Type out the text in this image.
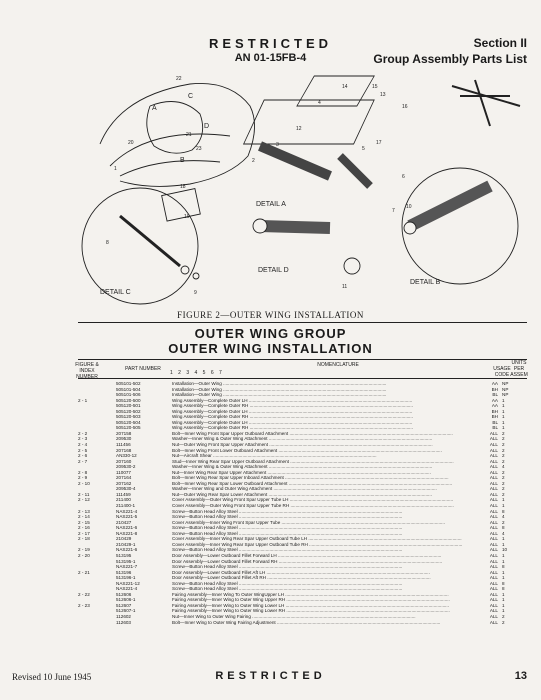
RESTRICTED
AN 01-15FB-4
Section II
Group Assembly Parts List
A
B
C
D
DETAIL A
DETAIL B
DETAIL C
DETAIL D
1
2
3
4
5
6
7
8
9
10
11
12
13
14	15
16
17
18
19
20
21
22
23
FIGURE 2—OUTER WING INSTALLATION
OUTER WING GROUP
OUTER WING INSTALLATION
FIGURE & INDEX NUMBER
PART NUMBER
NOMENCLATURE
1 2 3 4 5 6 7
USAGE CODE
UNITS PER ASSEM
505101-502	Installation—Outer Wing .....	AA NP
505101-504	Installation—Outer Wing .....	BH NP
505101-506	Installation—Outer Wing .....	BL NP
2 - 1	505120-500	Wing Assembly—Complete Outer LH .....	AA 1
505120-501	Wing Assembly—Complete Outer RH .....	AA 1
505120-502	Wing Assembly—Complete Outer LH .....	BH 1
505120-503	Wing Assembly—Complete Outer RH .....	BH 1
505120-504	Wing Assembly—Complete Outer LH .....	BL 1
505120-505	Wing Assembly—Complete Outer RH .....	BL 1
2 - 2	207158	Bolt—Inner Wing Front Spar Upper Outboard Attachment .....	ALL 2
2 - 3	209530	Washer—Inner Wing & Outer Wing Attachment .....	ALL 2
2 - 4	111456	Nut—Outer Wing Front Spar Upper Attachment .....	ALL 2
2 - 5	207168	Bolt—Inner Wing Front Lower Outboard Attachment .....	ALL 2
2 - 6	AN330-12	Nut—Aircraft Shear .....	ALL 2
2 - 7	207160	Stud—Inner Wing Rear Spar Upper Outboard Attachment .....	ALL 2
209530-2	Washer—Inner Wing & Outer Wing Attachment .....	ALL 4
2 - 8	110077	Nut—Inner Wing Rear Spar Upper Attachment .....	ALL 2
2 - 9	207164	Bolt—Inner Wing Rear Spar Upper Inboard Attachment .....	ALL 2
2 - 10	207162	Bolt—Inner Wing Rear Spar Lower Outboard Attachment .....	ALL 2
209530-4	Washer—Inner Wing and Outer Wing Attachment .....	ALL 2
2 - 11	111459	Nut—Outer Wing Rear Spar Lower Attachment .....	ALL 2
2 - 12	211400	Cover Assembly—Outer Wing Front Spar Upper Tube LH .....	ALL 1
211400-1	Cover Assembly—Outer Wing Front Spar Upper Tube RH .....	ALL 1
2 - 13	NAS221-4	Screw—Button Head Alloy Steel .....	ALL 8
2 - 14	NAS221-5	Screw—Button Head Alloy Steel .....	ALL 4
2 - 15	210427	Cover Assembly—Inner Wing Front Spar Upper Tube .....	ALL 2
2 - 16	NAS221-6	Screw—Button Head Alloy Steel .....	ALL 8
2 - 17	NAS221-8	Screw—Button Head Alloy Steel .....	ALL 4
2 - 18	210429	Cover Assembly—Inner Wing Rear Spar Upper Outboard Tube LH .....	ALL 1
210429-1	Cover Assembly—Inner Wing Rear Spar Upper Outboard Tube RH .....	ALL 1
2 - 19	NAS221-6	Screw—Button Head Alloy Steel .....	ALL 10
2 - 20	513195	Door Assembly—Lower Outboard Fillet Forward LH .....	ALL 1
513195-1	Door Assembly—Lower Outboard Fillet Forward RH .....	ALL 1
NAS221-7	Screw—Button Head Alloy Steel .....	ALL 8
2 - 21	513196	Door Assembly—Lower Outboard Fillet Aft LH .....	ALL 1
513196-1	Door Assembly—Lower Outboard Fillet Aft RH .....	ALL 1
NAS221-12	Screw—Button Head Alloy Steel .....	ALL 8
NAS221-4	Screw—Button Head Alloy Steel .....	ALL 8
2 - 22	512606	Fairing Assembly—Inner Wing To Outer WingUpper LH .....	ALL 1
512606-1	Fairing Assembly—Inner Wing to Outer Wing Upper RH .....	ALL 1
2 - 23	512607	Fairing Assembly—Inner Wing to Outer Wing Lower LH .....	ALL 1
512607-1	Fairing Assembly—Inner Wing to Outer Wing Lower RH .....	ALL 1
112602	Nut—Inner Wing to Outer Wing Fairing .....	ALL 2
112603	Bolt—Inner Wing to Outer Wing Fairing Adjustment .....	ALL 2
Revised 10 June 1945	RESTRICTED	13
